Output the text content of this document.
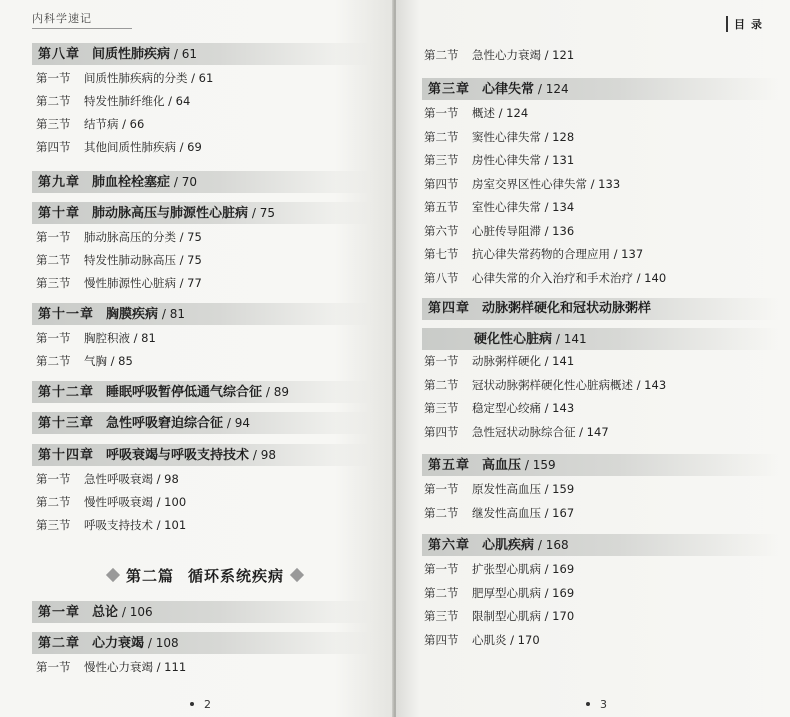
内科学速记
第八章 间质性肺疾病 / 61
第一节 间质性肺疾病的分类 / 61
第二节 特发性肺纤维化 / 64
第三节 结节病 / 66
第四节 其他间质性肺疾病 / 69
第九章 肺血栓栓塞症 / 70
第十章 肺动脉高压与肺源性心脏病 / 75
第一节 肺动脉高压的分类 / 75
第二节 特发性肺动脉高压 / 75
第三节 慢性肺源性心脏病 / 77
第十一章 胸膜疾病 / 81
第一节 胸腔积液 / 81
第二节 气胸 / 85
第十二章 睡眠呼吸暂停低通气综合征 / 89
第十三章 急性呼吸窘迫综合征 / 94
第十四章 呼吸衰竭与呼吸支持技术 / 98
第一节 急性呼吸衰竭 / 98
第二节 慢性呼吸衰竭 / 100
第三节 呼吸支持技术 / 101
第一章 总论 / 106
第二章 心力衰竭 / 108
第一节 慢性心力衰竭 / 111
第二篇 循环系统疾病
2
目录
第二节 急性心力衰竭 / 121
第三章 心律失常 / 124
第一节 概述 / 124
第二节 窦性心律失常 / 128
第三节 房性心律失常 / 131
第四节 房室交界区性心律失常 / 133
第五节 室性心律失常 / 134
第六节 心脏传导阻滞 / 136
第七节 抗心律失常药物的合理应用 / 137
第八节 心律失常的介入治疗和手术治疗 / 140
第四章 动脉粥样硬化和冠状动脉粥样
硬化性心脏病 / 141
第一节 动脉粥样硬化 / 141
第二节 冠状动脉粥样硬化性心脏病概述 / 143
第三节 稳定型心绞痛 / 143
第四节 急性冠状动脉综合征 / 147
第五章 高血压 / 159
第一节 原发性高血压 / 159
第二节 继发性高血压 / 167
第六章 心肌疾病 / 168
第一节 扩张型心肌病 / 169
第二节 肥厚型心肌病 / 169
第三节 限制型心肌病 / 170
第四节 心肌炎 / 170
3
